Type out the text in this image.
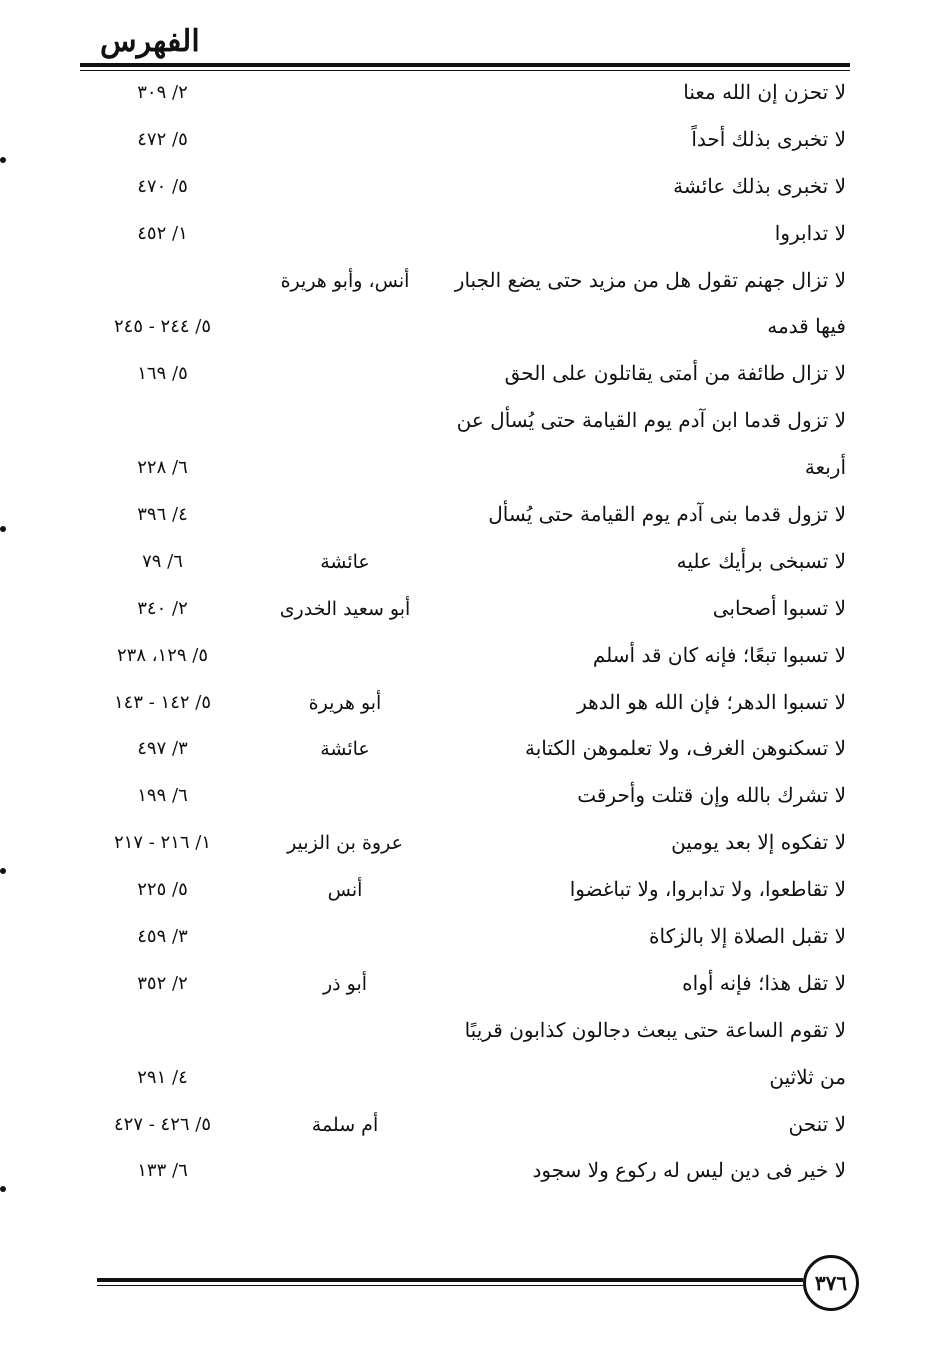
الفهرس
لا تحزن إن الله معنا
٢/ ٣٠٩
لا تخبرى بذلك أحداً
٥/ ٤٧٢
لا تخبرى بذلك عائشة
٥/ ٤٧٠
لا تدابروا
١/ ٤٥٢
لا تزال جهنم تقول هل من مزيد حتى يضع الجبار
أنس، وأبو هريرة
فيها قدمه
٥/ ٢٤٤ - ٢٤٥
لا تزال طائفة من أمتى يقاتلون على الحق
٥/ ١٦٩
لا تزول قدما ابن آدم يوم القيامة حتى يُسأل عن
أربعة
٦/ ٢٢٨
لا تزول قدما بنى آدم يوم القيامة حتى يُسأل
٤/ ٣٩٦
لا تسبخى برأيك عليه
عائشة
٦/ ٧٩
لا تسبوا أصحابى
أبو سعيد الخدرى
٢/ ٣٤٠
لا تسبوا تبعًا؛ فإنه كان قد أسلم
٥/ ١٢٩، ٢٣٨
لا تسبوا الدهر؛ فإن الله هو الدهر
أبو هريرة
٥/ ١٤٢ - ١٤٣
لا تسكنوهن الغرف، ولا تعلموهن الكتابة
عائشة
٣/ ٤٩٧
لا تشرك بالله وإن قتلت وأحرقت
٦/ ١٩٩
لا تفكوه إلا بعد يومين
عروة بن الزبير
١/ ٢١٦ - ٢١٧
لا تقاطعوا، ولا تدابروا، ولا تباغضوا
أنس
٥/ ٢٢٥
لا تقبل الصلاة إلا بالزكاة
٣/ ٤٥٩
لا تقل هذا؛ فإنه أواه
أبو ذر
٢/ ٣٥٢
لا تقوم الساعة حتى يبعث دجالون كذابون قريبًا
من ثلاثين
٤/ ٢٩١
لا تنحن
أم سلمة
٥/ ٤٢٦ - ٤٢٧
لا خير فى دين ليس له ركوع ولا سجود
٦/ ١٣٣
٣٧٦
